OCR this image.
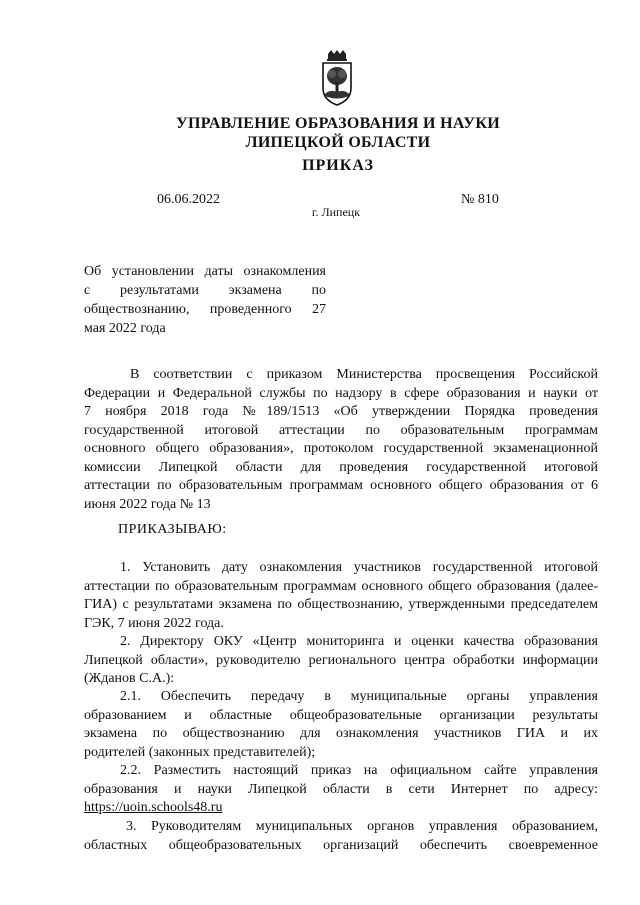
УПРАВЛЕНИЕ ОБРАЗОВАНИЯ И НАУКИ
ЛИПЕЦКОЙ ОБЛАСТИ
ПРИКАЗ
06.06.2022	№ 810
г. Липецк
Об установлении даты ознакомления
с результатами экзамена по
обществознанию, проведенного 27
мая 2022 года
В соответствии с приказом Министерства просвещения Российской
Федерации и Федеральной службы по надзору в сфере образования и науки от
7 ноября 2018 года №189/1513 «Об утверждении Порядка проведения
государственной итоговой аттестации по образовательным программам
основного общего образования», протоколом государственной экзаменационной
комиссии Липецкой области для проведения государственной итоговой
аттестации по образовательным программам основного общего образования от 6
июня 2022 года № 13
ПРИКАЗЫВАЮ:
1. Установить дату ознакомления участников государственной итоговой
аттестации по образовательным программам основного общего образования (далее-
ГИА) с результатами экзамена по обществознанию, утвержденными председателем
ГЭК, 7 июня 2022 года.
2. Директору ОКУ «Центр мониторинга и оценки качества образования
Липецкой области», руководителю регионального центра обработки информации
(Жданов С.А.):
2.1. Обеспечить передачу в муниципальные органы управления
образованием и областные общеобразовательные организации результаты
экзамена по обществознанию для ознакомления участников ГИА и их
родителей (законных представителей);
2.2. Разместить настоящий приказ на официальном сайте управления
образования и науки Липецкой области в сети Интернет по адресу:
https://uoin.schools48.ru
3. Руководителям муниципальных органов управления образованием,
областных общеобразовательных организаций обеспечить своевременное
